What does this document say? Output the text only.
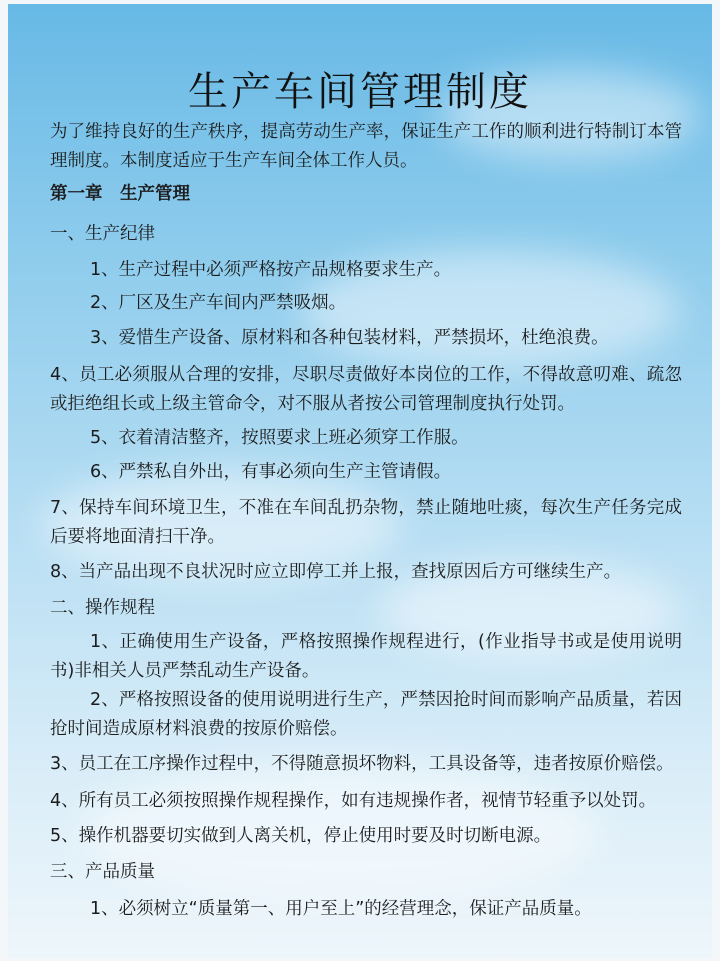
生产车间管理制度
为了维持良好的生产秩序，提高劳动生产率，保证生产工作的顺利进行特制订本管理制度。本制度适应于生产车间全体工作人员。
第一章　生产管理
一、生产纪律
1、生产过程中必须严格按产品规格要求生产。
2、厂区及生产车间内严禁吸烟。
3、爱惜生产设备、原材料和各种包装材料，严禁损坏，杜绝浪费。
4、员工必须服从合理的安排，尽职尽责做好本岗位的工作，不得故意叨难、疏忽或拒绝组长或上级主管命令，对不服从者按公司管理制度执行处罚。
5、衣着清洁整齐，按照要求上班必须穿工作服。
6、严禁私自外出，有事必须向生产主管请假。
7、保持车间环境卫生，不准在车间乱扔杂物，禁止随地吐痰，每次生产任务完成后要将地面清扫干净。
8、当产品出现不良状况时应立即停工并上报，查找原因后方可继续生产。
二、操作规程
1、正确使用生产设备，严格按照操作规程进行，(作业指导书或是使用说明书)非相关人员严禁乱动生产设备。
2、严格按照设备的使用说明进行生产，严禁因抢时间而影响产品质量，若因抢时间造成原材料浪费的按原价赔偿。
3、员工在工序操作过程中，不得随意损坏物料，工具设备等，违者按原价赔偿。
4、所有员工必须按照操作规程操作，如有违规操作者，视情节轻重予以处罚。
5、操作机器要切实做到人离关机，停止使用时要及时切断电源。
三、产品质量
1、必须树立“质量第一、用户至上”的经营理念，保证产品质量。
